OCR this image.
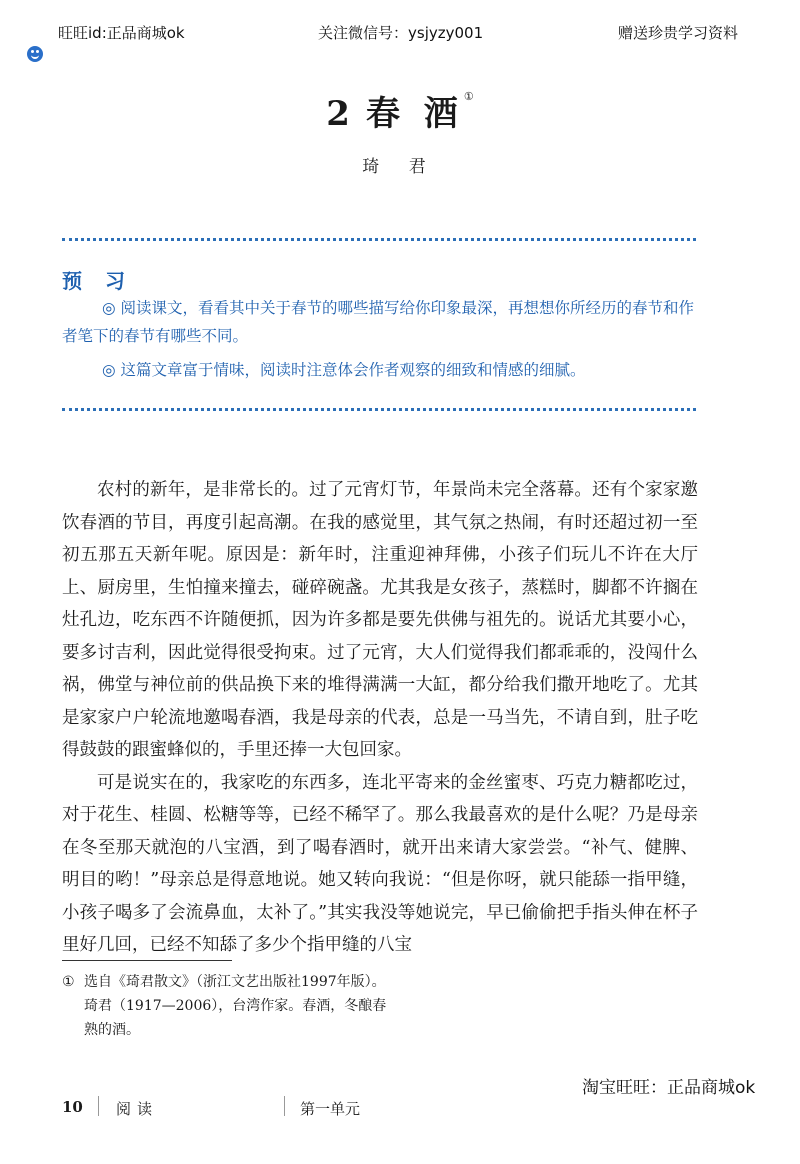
旺旺id:正品商城ok	关注微信号：ysjyzy001	赠送珍贵学习资料
2 春 酒①
琦 君
预 习
◎ 阅读课文，看看其中关于春节的哪些描写给你印象最深，再想想你所经历的春节和作者笔下的春节有哪些不同。
◎ 这篇文章富于情味，阅读时注意体会作者观察的细致和情感的细腻。

农村的新年，是非常长的。过了元宵灯节，年景尚未完全落幕。还有个家家邀饮春酒的节目，再度引起高潮。在我的感觉里，其气氛之热闹，有时还超过初一至初五那五天新年呢。原因是：新年时，注重迎神拜佛，小孩子们玩儿不许在大厅上、厨房里，生怕撞来撞去，碰碎碗盏。尤其我是女孩子，蒸糕时，脚都不许搁在灶孔边，吃东西不许随便抓，因为许多都是要先供佛与祖先的。说话尤其要小心，要多讨吉利，因此觉得很受拘束。过了元宵，大人们觉得我们都乖乖的，没闯什么祸，佛堂与神位前的供品换下来的堆得满满一大缸，都分给我们撒开地吃了。尤其是家家户户轮流地邀喝春酒，我是母亲的代表，总是一马当先，不请自到，肚子吃得鼓鼓的跟蜜蜂似的，手里还捧一大包回家。

可是说实在的，我家吃的东西多，连北平寄来的金丝蜜枣、巧克力糖都吃过，对于花生、桂圆、松糖等等，已经不稀罕了。那么我最喜欢的是什么呢？乃是母亲在冬至那天就泡的八宝酒，到了喝春酒时，就开出来请大家尝尝。“补气、健脾、明目的哟！”母亲总是得意地说。她又转向我说：“但是你呀，就只能舔一指甲缝，小孩子喝多了会流鼻血，太补了。”其实我没等她说完，早已偷偷把手指头伸在杯子里好几回，已经不知舔了多少个指甲缝的八宝

① 选自《琦君散文》（浙江文艺出版社1997年版）。琦君（1917—2006），台湾作家。春酒，冬酿春熟的酒。
10 阅读	第一单元
淘宝旺旺：正品商城ok
